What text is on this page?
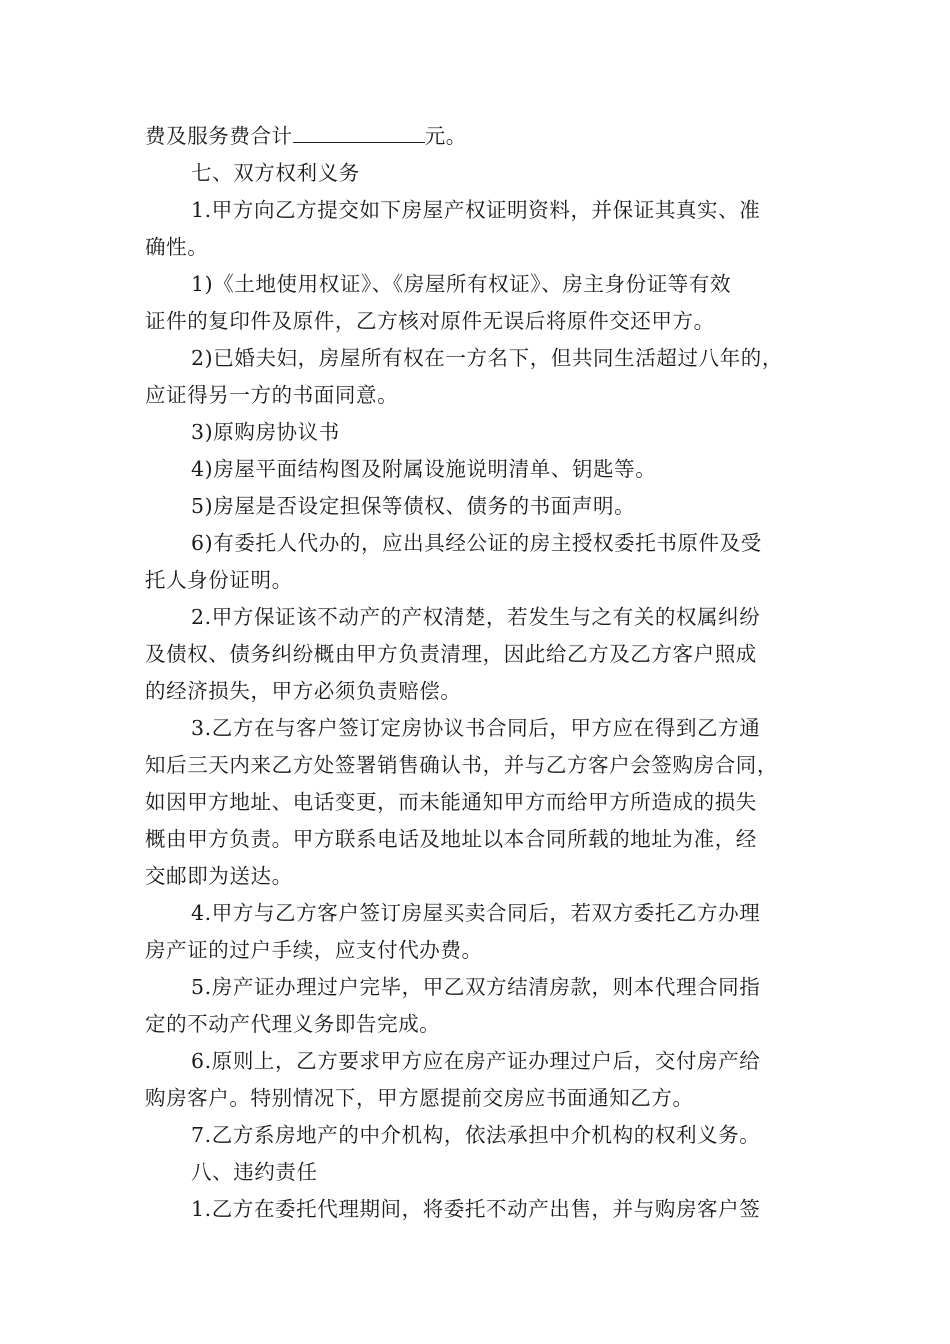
费及服务费合计	元。
七、双方权利义务
1.甲方向乙方提交如下房屋产权证明资料，并保证其真实、准
确性。
1)《土地使用权证》、《房屋所有权证》、房主身份证等有效
证件的复印件及原件，乙方核对原件无误后将原件交还甲方。
2)已婚夫妇，房屋所有权在一方名下，但共同生活超过八年的，
应证得另一方的书面同意。
3)原购房协议书
4)房屋平面结构图及附属设施说明清单、钥匙等。
5)房屋是否设定担保等债权、债务的书面声明。
6)有委托人代办的，应出具经公证的房主授权委托书原件及受
托人身份证明。
2.甲方保证该不动产的产权清楚，若发生与之有关的权属纠纷
及债权、债务纠纷概由甲方负责清理，因此给乙方及乙方客户照成
的经济损失，甲方必须负责赔偿。
3.乙方在与客户签订定房协议书合同后，甲方应在得到乙方通
知后三天内来乙方处签署销售确认书，并与乙方客户会签购房合同，
如因甲方地址、电话变更，而未能通知甲方而给甲方所造成的损失
概由甲方负责。甲方联系电话及地址以本合同所载的地址为准，经
交邮即为送达。
4.甲方与乙方客户签订房屋买卖合同后，若双方委托乙方办理
房产证的过户手续，应支付代办费。
5.房产证办理过户完毕，甲乙双方结清房款，则本代理合同指
定的不动产代理义务即告完成。
6.原则上，乙方要求甲方应在房产证办理过户后，交付房产给
购房客户。特别情况下，甲方愿提前交房应书面通知乙方。
7.乙方系房地产的中介机构，依法承担中介机构的权利义务。
八、违约责任
1.乙方在委托代理期间，将委托不动产出售，并与购房客户签
